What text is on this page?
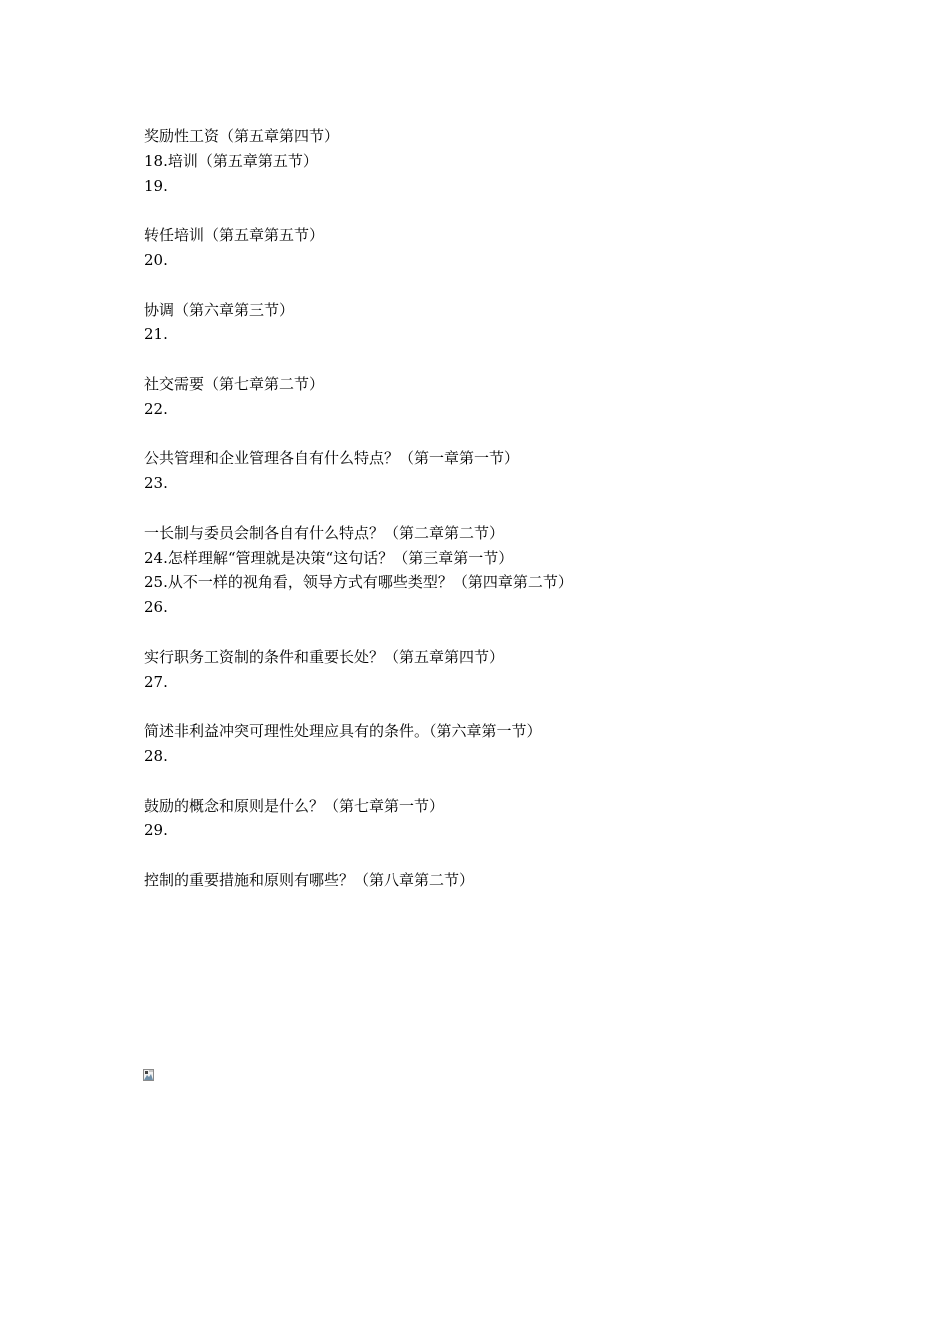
奖励性工资（第五章第四节）
18.培训（第五章第五节）
19.
转任培训（第五章第五节）
20.
协调（第六章第三节）
21.
社交需要（第七章第二节）
22.
公共管理和企业管理各自有什么特点？（第一章第一节）
23.
一长制与委员会制各自有什么特点？（第二章第二节）
24.怎样理解“管理就是决策“这句话？（第三章第一节）
25.从不一样的视角看，领导方式有哪些类型？（第四章第二节）
26.
实行职务工资制的条件和重要长处？（第五章第四节）
27.
简述非利益冲突可理性处理应具有的条件。（第六章第一节）
28.
鼓励的概念和原则是什么？（第七章第一节）
29.
控制的重要措施和原则有哪些？（第八章第二节）
